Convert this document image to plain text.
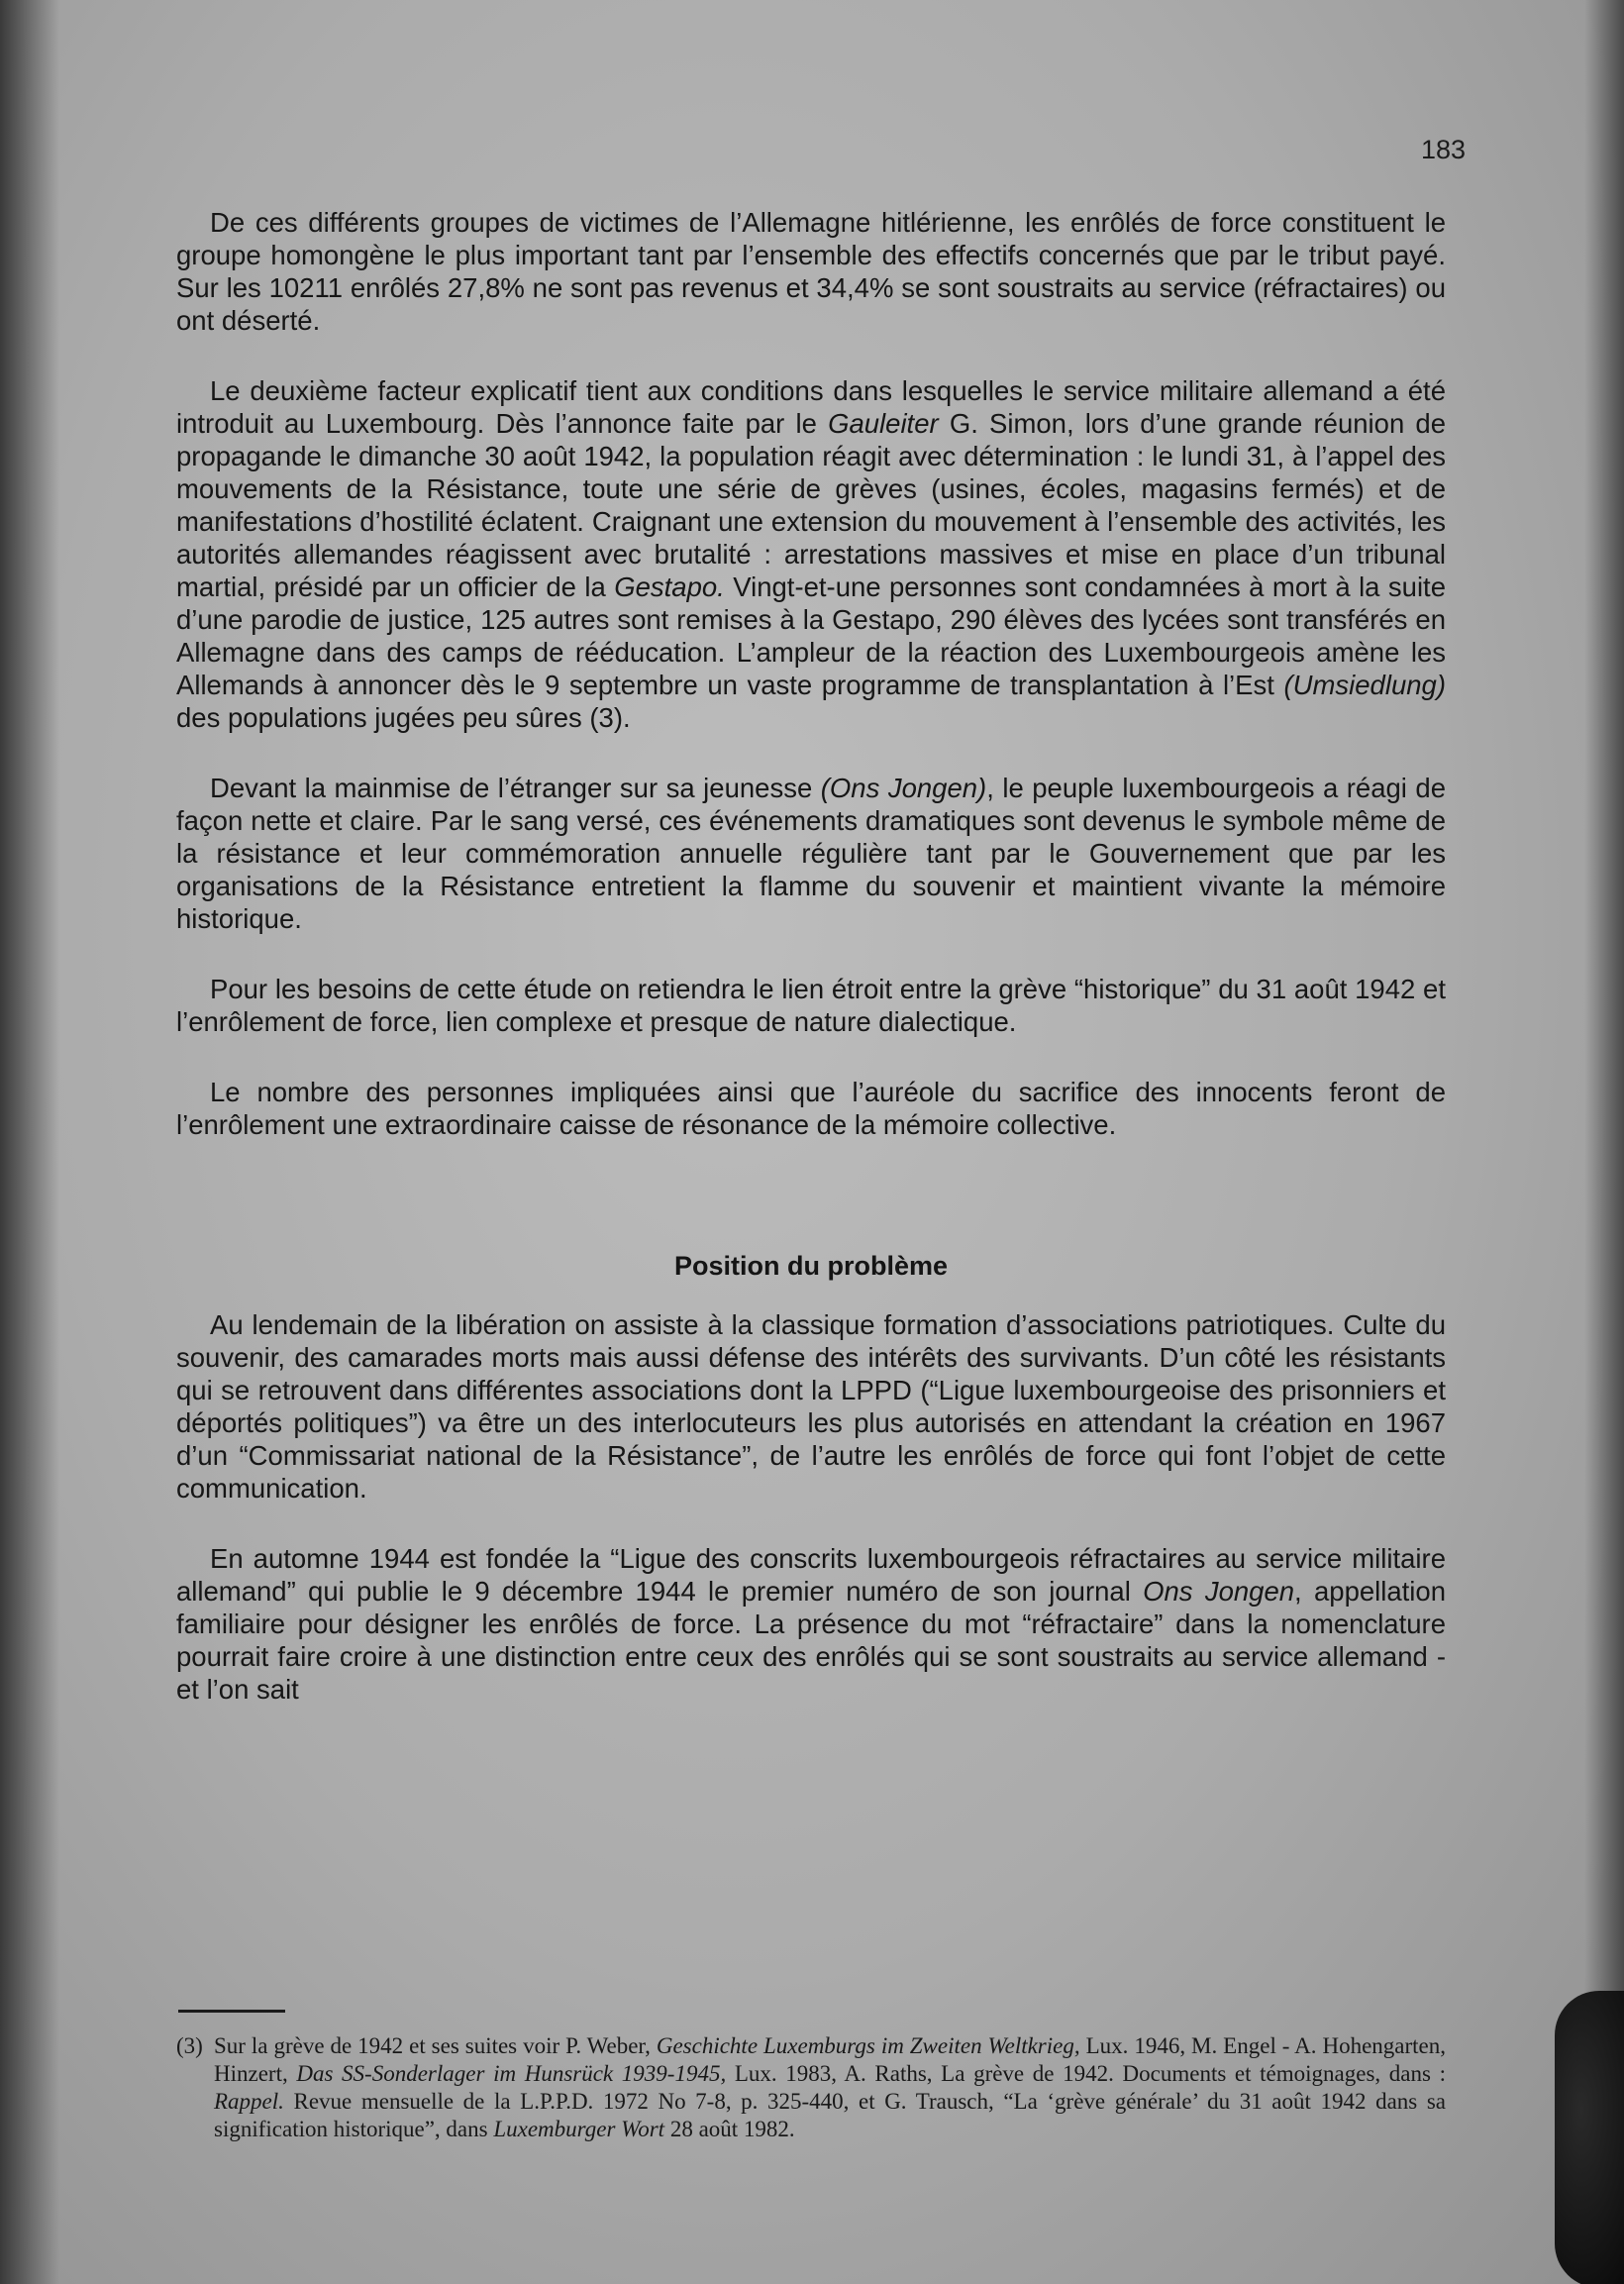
183

De ces différents groupes de victimes de l’Allemagne hitlérienne, les enrôlés de force constituent le groupe homongène le plus important tant par l’ensemble des effectifs concernés que par le tribut payé. Sur les 10211 enrôlés 27,8% ne sont pas revenus et 34,4% se sont soustraits au service (réfractaires) ou ont déserté.

Le deuxième facteur explicatif tient aux conditions dans lesquelles le service militaire allemand a été introduit au Luxembourg. Dès l’annonce faite par le Gauleiter G. Simon, lors d’une grande réunion de propagande le dimanche 30 août 1942, la population réagit avec détermination : le lundi 31, à l’appel des mouvements de la Résistance, toute une série de grèves (usines, écoles, magasins fermés) et de manifestations d’hostilité éclatent. Craignant une extension du mouvement à l’ensemble des activités, les autorités allemandes réagissent avec brutalité : arrestations massives et mise en place d’un tribunal martial, présidé par un officier de la Gestapo. Vingt-et-une personnes sont condamnées à mort à la suite d’une parodie de justice, 125 autres sont remises à la Gestapo, 290 élèves des lycées sont transférés en Allemagne dans des camps de rééducation. L’ampleur de la réaction des Luxembourgeois amène les Allemands à annoncer dès le 9 septembre un vaste programme de transplantation à l’Est (Umsiedlung) des populations jugées peu sûres (3).

Devant la mainmise de l’étranger sur sa jeunesse (Ons Jongen), le peuple luxembourgeois a réagi de façon nette et claire. Par le sang versé, ces événements dramatiques sont devenus le symbole même de la résistance et leur commémoration annuelle régulière tant par le Gouvernement que par les organisations de la Résistance entretient la flamme du souvenir et maintient vivante la mémoire historique.

Pour les besoins de cette étude on retiendra le lien étroit entre la grève “historique” du 31 août 1942 et l’enrôlement de force, lien complexe et presque de nature dialectique.

Le nombre des personnes impliquées ainsi que l’auréole du sacrifice des innocents feront de l’enrôlement une extraordinaire caisse de résonance de la mémoire collective.

Position du problème

Au lendemain de la libération on assiste à la classique formation d’associations patriotiques. Culte du souvenir, des camarades morts mais aussi défense des intérêts des survivants. D’un côté les résistants qui se retrouvent dans différentes associations dont la LPPD (“Ligue luxembourgeoise des prisonniers et déportés politiques”) va être un des interlocuteurs les plus autorisés en attendant la création en 1967 d’un “Commissariat national de la Résistance”, de l’autre les enrôlés de force qui font l’objet de cette communication.

En automne 1944 est fondée la “Ligue des conscrits luxembourgeois réfractaires au service militaire allemand” qui publie le 9 décembre 1944 le premier numéro de son journal Ons Jongen, appellation familiaire pour désigner les enrôlés de force. La présence du mot “réfractaire” dans la nomenclature pourrait faire croire à une distinction entre ceux des enrôlés qui se sont soustraits au service allemand - et l’on sait

(3) Sur la grève de 1942 et ses suites voir P. Weber, Geschichte Luxemburgs im Zweiten Weltkrieg, Lux. 1946, M. Engel - A. Hohengarten, Hinzert, Das SS-Sonderlager im Hunsrück 1939-1945, Lux. 1983, A. Raths, La grève de 1942. Documents et témoignages, dans : Rappel. Revue mensuelle de la L.P.P.D. 1972 No 7-8, p. 325-440, et G. Trausch, “La ‘grève générale’ du 31 août 1942 dans sa signification historique”, dans Luxemburger Wort 28 août 1982.
